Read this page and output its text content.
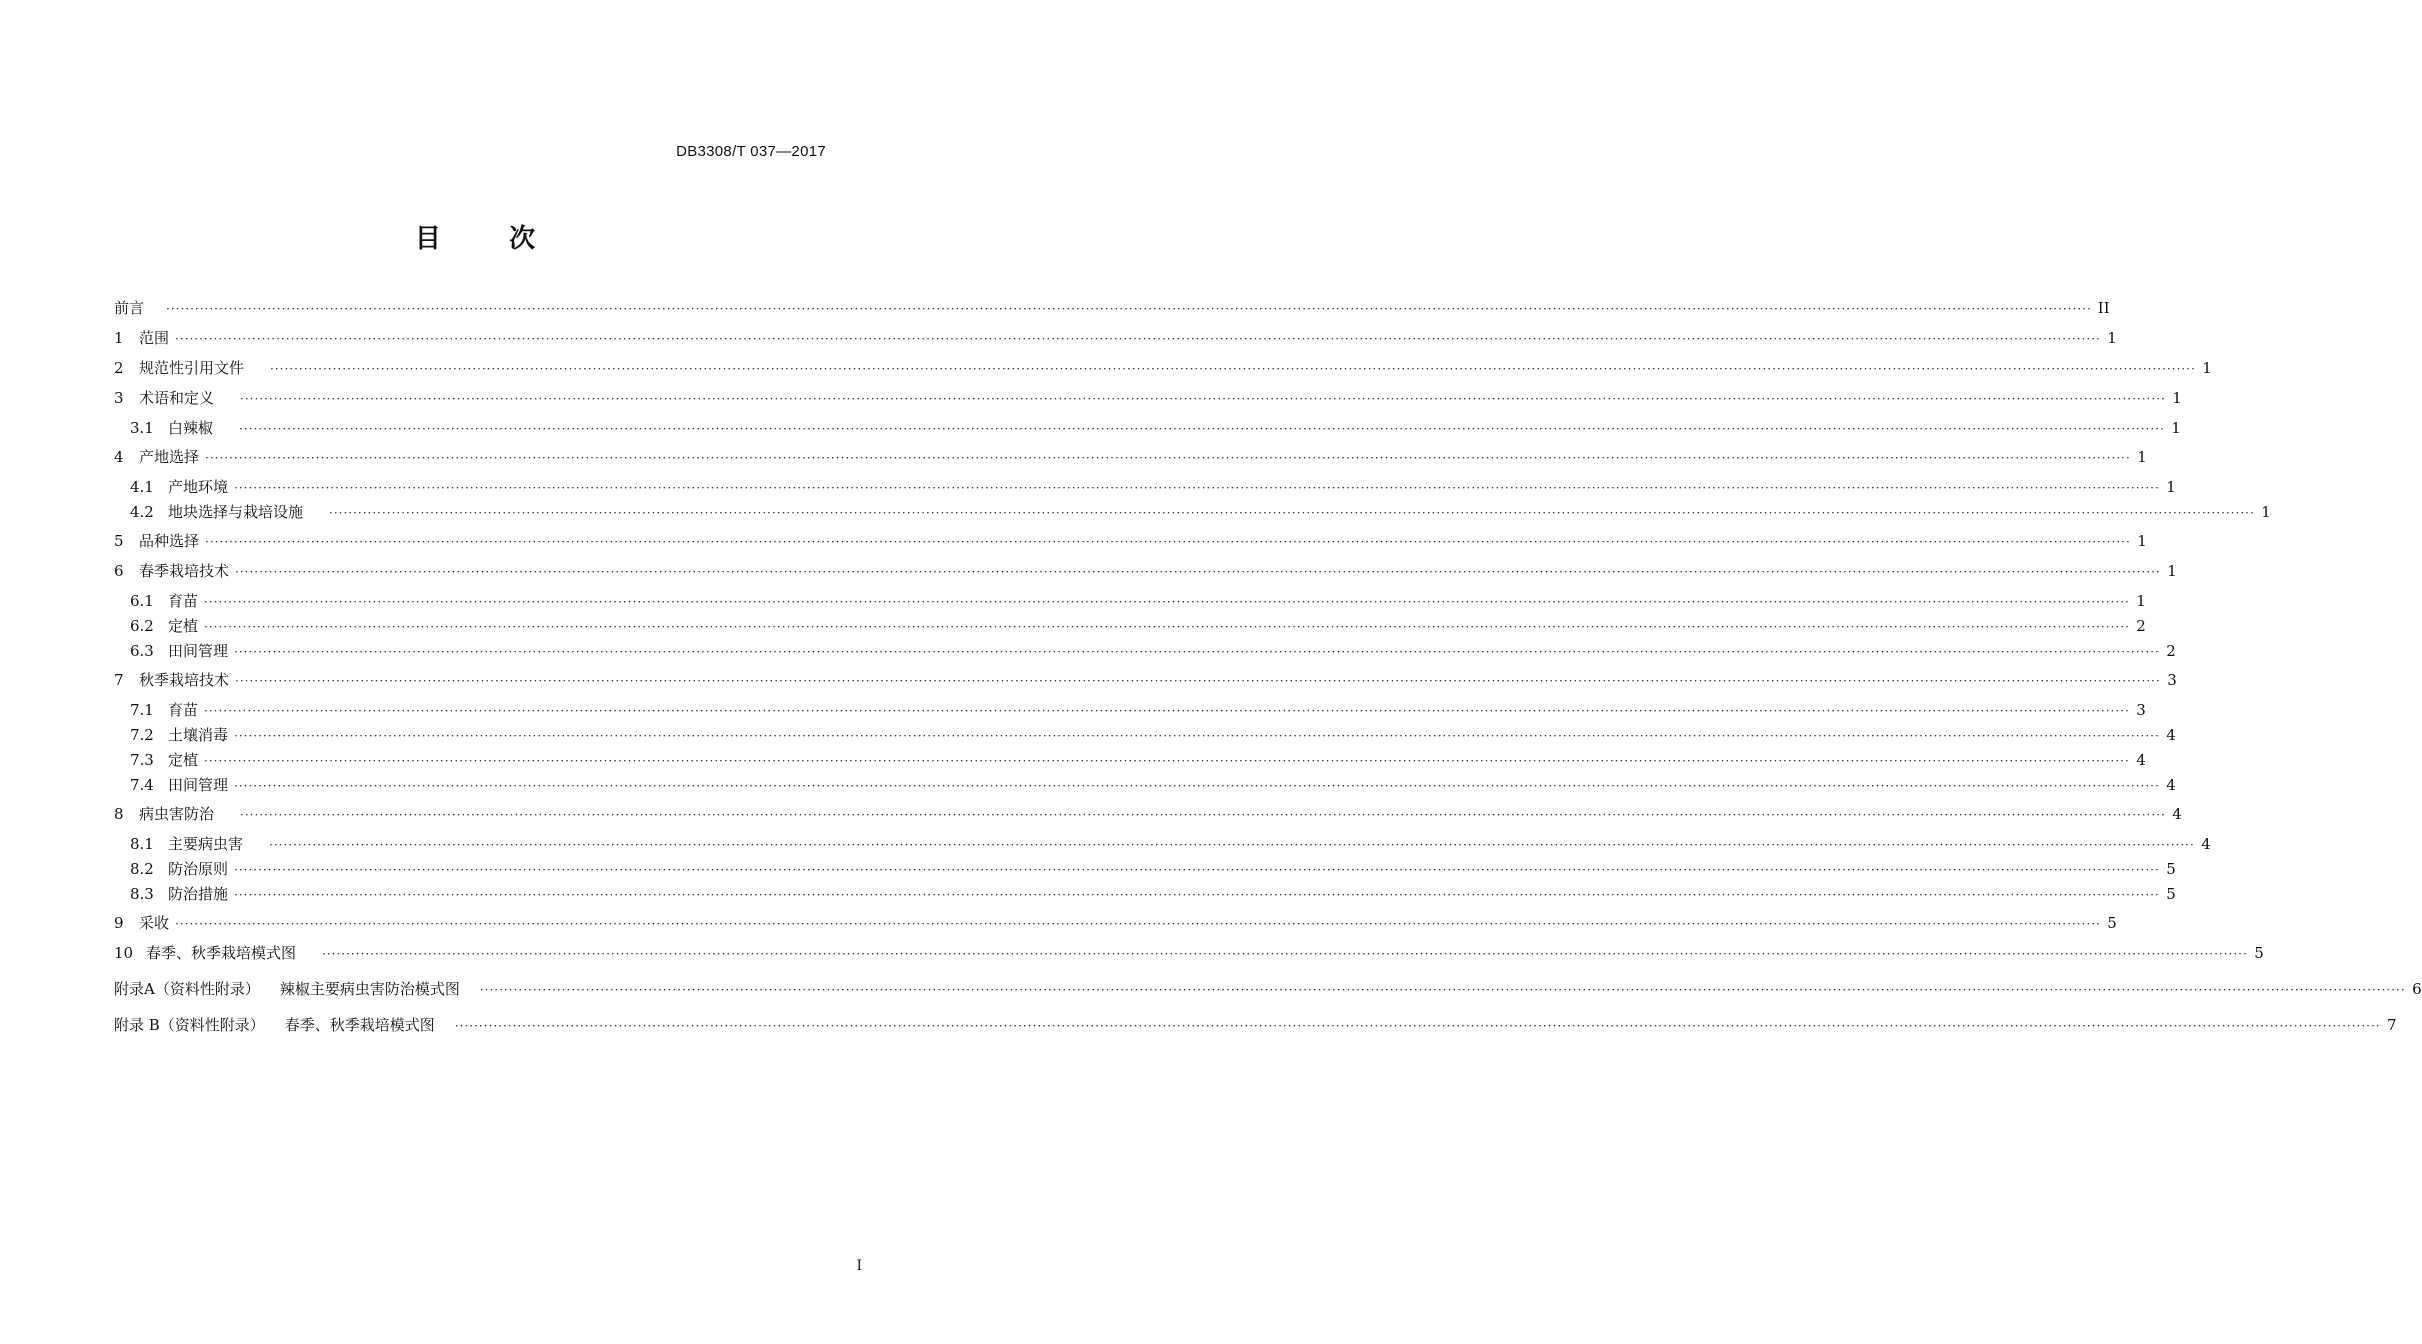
DB3308/T 037—2017
目	次
前言 ················································································································································································································································································································································································································ II
1	范围 ················································································································································································································································································································································································································ 1
2	规范性引用文件 ················································································································································································································································································································································································································ 1
3	术语和定义 ················································································································································································································································································································································································································ 1
3.1 白辣椒 ················································································································································································································································································································································································································ 1
4	产地选择 ················································································································································································································································································································································································································ 1
4.1 产地环境 ················································································································································································································································································································································································································ 1
4.2 地块选择与栽培设施 ················································································································································································································································································································································································································ 1
5	品种选择 ················································································································································································································································································································································································································ 1
6	春季栽培技术 ················································································································································································································································································································································································································ 1
6.1 育苗 ················································································································································································································································································································································································································ 1
6.2 定植 ················································································································································································································································································································································································································ 2
6.3 田间管理 ················································································································································································································································································································································································································ 2
7	秋季栽培技术 ················································································································································································································································································································································································································ 3
7.1 育苗 ················································································································································································································································································································································································································ 3
7.2 土壤消毒 ················································································································································································································································································································································································································ 4
7.3 定植 ················································································································································································································································································································································································································ 4
7.4 田间管理 ················································································································································································································································································································································································································ 4
8	病虫害防治 ················································································································································································································································································································································································································ 4
8.1 主要病虫害 ················································································································································································································································································································································································································ 4
8.2 防治原则 ················································································································································································································································································································································································································ 5
8.3 防治措施 ················································································································································································································································································································································································································ 5
9	采收 ················································································································································································································································································································································································································ 5
10 春季、秋季栽培模式图 ················································································································································································································································································································································································································ 5
附录A（资料性附录） 辣椒主要病虫害防治模式图 ················································································································································································································································································································································································································ 6
附录 B（资料性附录） 春季、秋季栽培模式图 ················································································································································································································································································································································································································ 7
I
